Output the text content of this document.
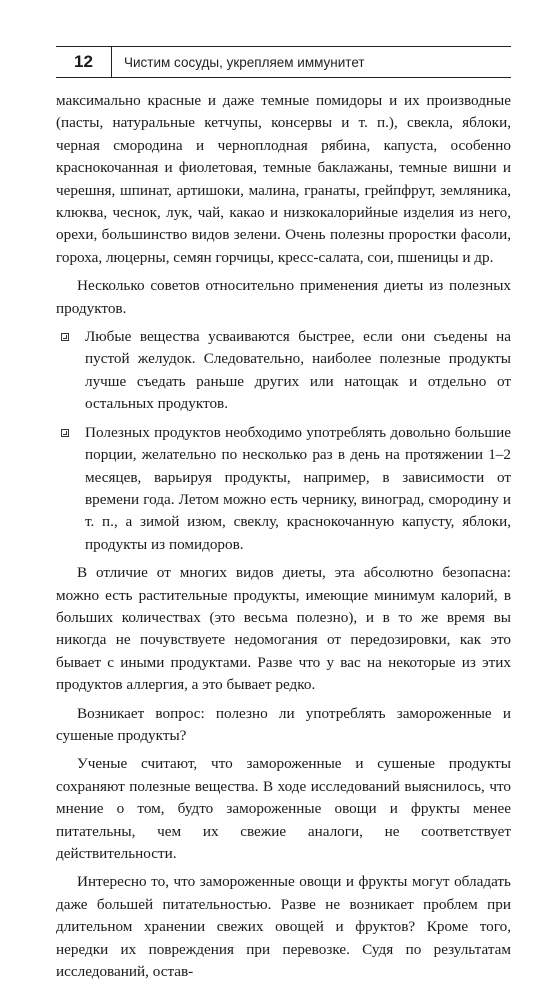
12	Чистим сосуды, укрепляем иммунитет

максимально красные и даже темные помидоры и их производные (пасты, натуральные кетчупы, консервы и т. п.), свекла, яблоки, черная смородина и черноплодная рябина, капуста, особенно краснокочанная и фиолетовая, темные баклажаны, темные вишни и черешня, шпинат, артишоки, малина, гранаты, грейпфрут, земляника, клюква, чеснок, лук, чай, какао и низкокалорийные изделия из него, орехи, большинство видов зелени. Очень полезны проростки фасоли, гороха, люцерны, семян горчицы, кресс-салата, сои, пшеницы и др.

Несколько советов относительно применения диеты из полезных продуктов.

Любые вещества усваиваются быстрее, если они съедены на пустой желудок. Следовательно, наиболее полезные продукты лучше съедать раньше других или натощак и отдельно от остальных продуктов.
Полезных продуктов необходимо употреблять довольно большие порции, желательно по несколько раз в день на протяжении 1–2 месяцев, варьируя продукты, например, в зависимости от времени года. Летом можно есть чернику, виноград, смородину и т. п., а зимой изюм, свеклу, краснокочанную капусту, яблоки, продукты из помидоров.

В отличие от многих видов диеты, эта абсолютно безопасна: можно есть растительные продукты, имеющие минимум калорий, в больших количествах (это весьма полезно), и в то же время вы никогда не почувствуете недомогания от передозировки, как это бывает с иными продуктами. Разве что у вас на некоторые из этих продуктов аллергия, а это бывает редко.

Возникает вопрос: полезно ли употреблять замороженные и сушеные продукты?

Ученые считают, что замороженные и сушеные продукты сохраняют полезные вещества. В ходе исследований выяснилось, что мнение о том, будто замороженные овощи и фрукты менее питательны, чем их свежие аналоги, не соответствует действительности.

Интересно то, что замороженные овощи и фрукты могут обладать даже большей питательностью. Разве не возникает проблем при длительном хранении свежих овощей и фруктов? Кроме того, нередки их повреждения при перевозке. Судя по результатам исследований, остав-
